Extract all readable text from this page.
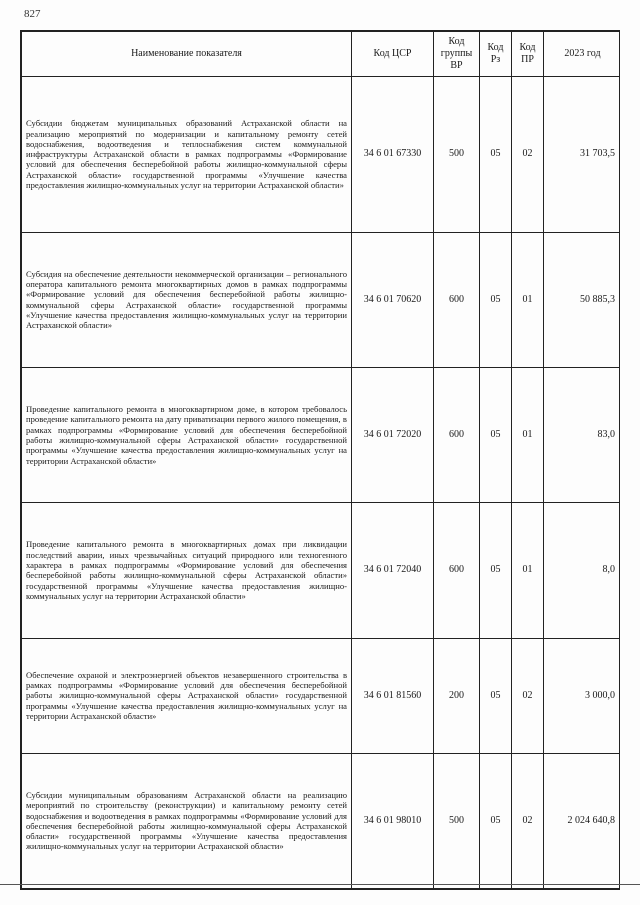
827
Наименование показателя	Код ЦСР	Код группы ВР	Код Рз	Код ПР	2023 год
Субсидии бюджетам муниципальных образований Астраханской области на реализацию мероприятий по модернизации и капитальному ремонту сетей водоснабжения, водоотведения и теплоснабжения систем коммунальной инфраструктуры Астраханской области в рамках подпрограммы «Формирование условий для обеспечения бесперебойной работы жилищно-коммунальной сферы Астраханской области» государственной программы «Улучшение качества предоставления жилищно-коммунальных услуг на территории Астраханской области»	34 6 01 67330	500	05	02	31 703,5
Субсидия на обеспечение деятельности некоммерческой организации – регионального оператора капитального ремонта многоквартирных домов в рамках подпрограммы «Формирование условий для обеспечения бесперебойной работы жилищно-коммунальной сферы Астраханской области» государственной программы «Улучшение качества предоставления жилищно-коммунальных услуг на территории Астраханской области»	34 6 01 70620	600	05	01	50 885,3
Проведение капитального ремонта в многоквартирном доме, в котором требовалось проведение капитального ремонта на дату приватизации первого жилого помещения, в рамках подпрограммы «Формирование условий для обеспечения бесперебойной работы жилищно-коммунальной сферы Астраханской области» государственной программы «Улучшение качества предоставления жилищно-коммунальных услуг на территории Астраханской области»	34 6 01 72020	600	05	01	83,0
Проведение капитального ремонта в многоквартирных домах при ликвидации последствий аварии, иных чрезвычайных ситуаций природного или техногенного характера в рамках подпрограммы «Формирование условий для обеспечения бесперебойной работы жилищно-коммунальной сферы Астраханской области» государственной программы «Улучшение качества предоставления жилищно-коммунальных услуг на территории Астраханской области»	34 6 01 72040	600	05	01	8,0
Обеспечение охраной и электроэнергией объектов незавершенного строительства в рамках подпрограммы «Формирование условий для обеспечения бесперебойной работы жилищно-коммунальной сферы Астраханской области» государственной программы «Улучшение качества предоставления жилищно-коммунальных услуг на территории Астраханской области»	34 6 01 81560	200	05	02	3 000,0
Субсидии муниципальным образованиям Астраханской области на реализацию мероприятий по строительству (реконструкции) и капитальному ремонту сетей водоснабжения и водоотведения в рамках подпрограммы «Формирование условий для обеспечения бесперебойной работы жилищно-коммунальной сферы Астраханской области» государственной программы «Улучшение качества предоставления жилищно-коммунальных услуг на территории Астраханской области»	34 6 01 98010	500	05	02	2 024 640,8
